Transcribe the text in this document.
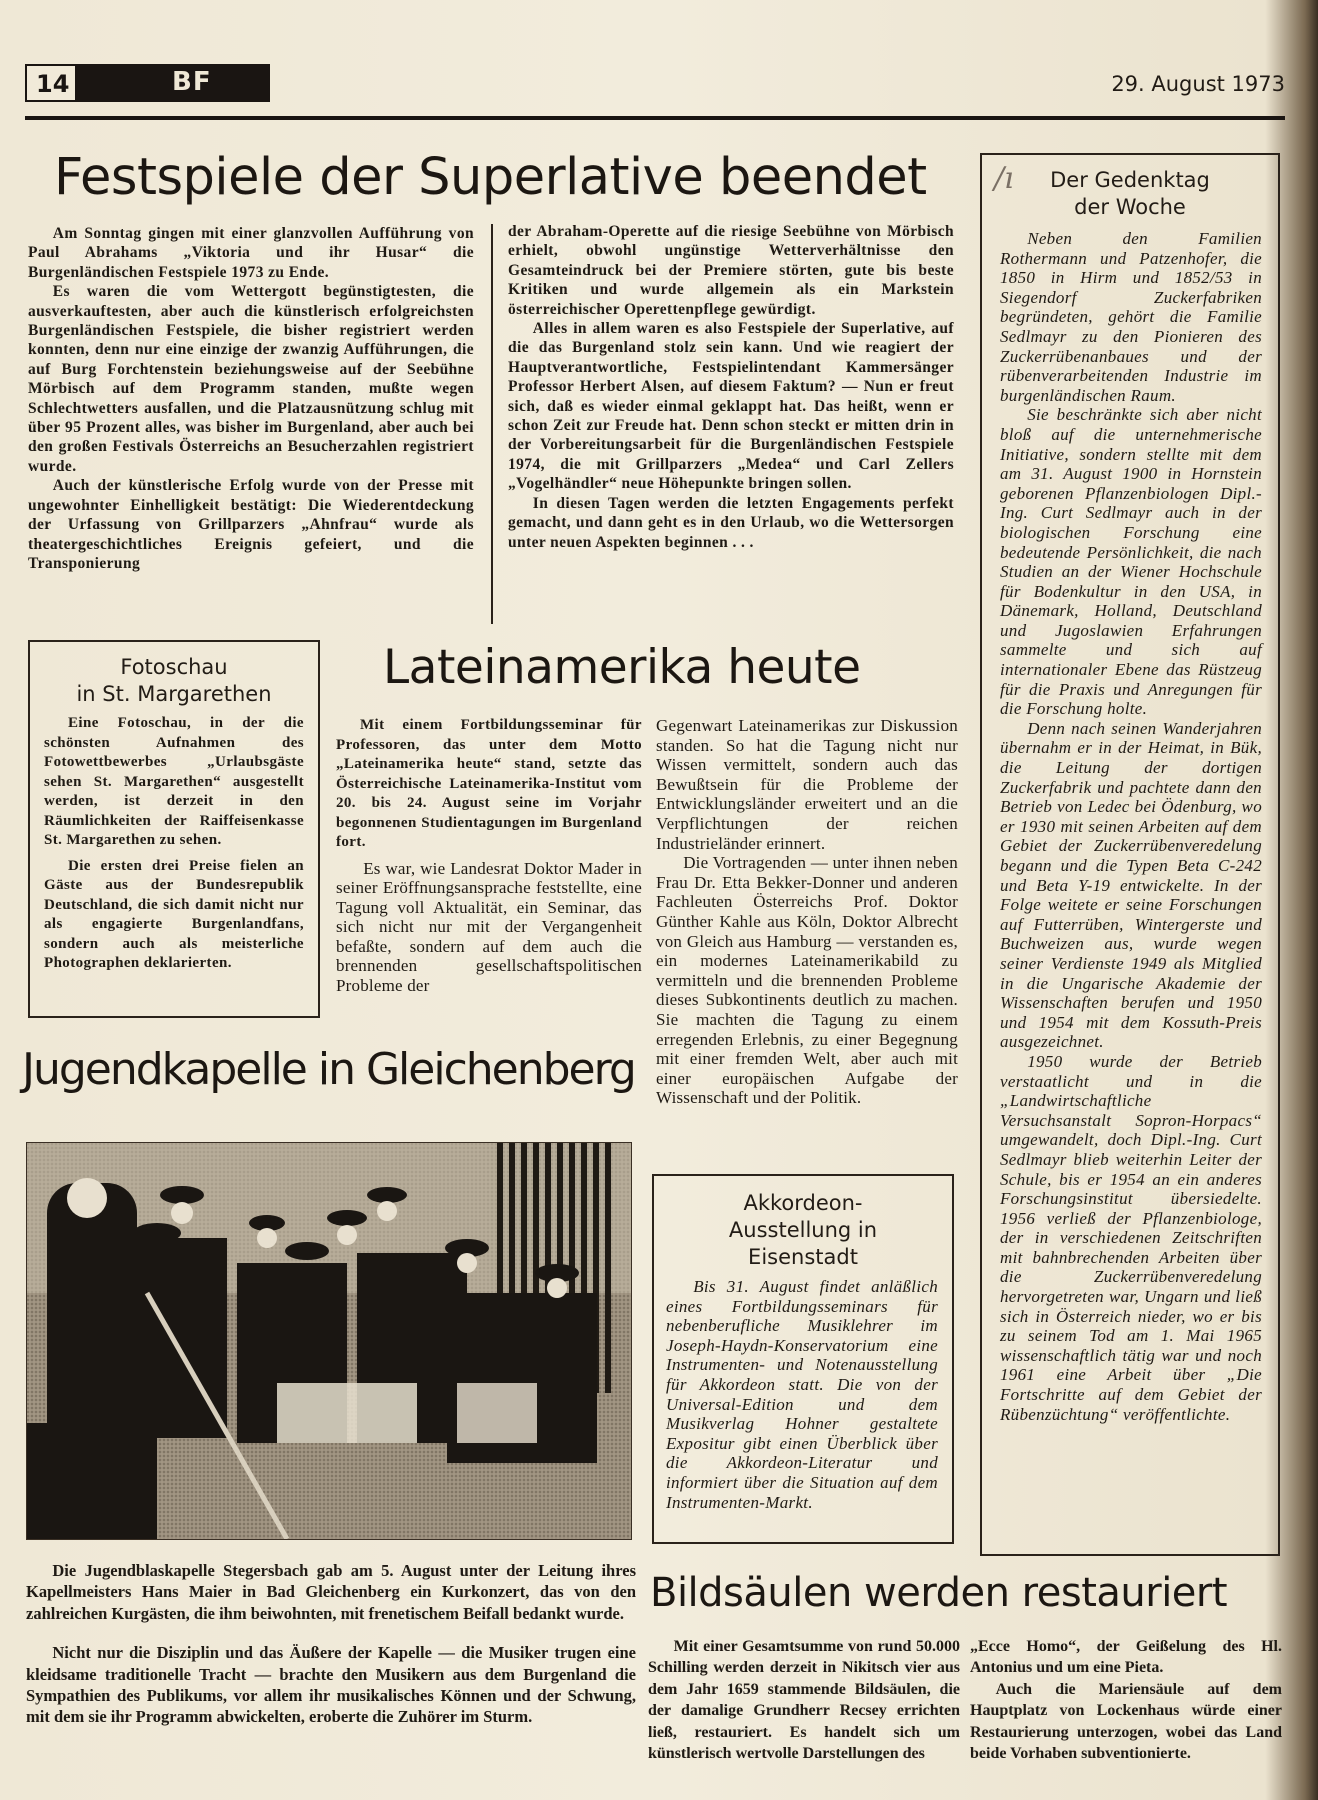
14	BF	29. August 1973
Festspiele der Superlative beendet

Am Sonntag gingen mit einer glanzvollen Aufführung von Paul Abrahams „Viktoria und ihr Husar“ die Burgenländischen Festspiele 1973 zu Ende.

Es waren die vom Wettergott begünstigtesten, die ausverkauftesten, aber auch die künstlerisch erfolgreichsten Burgenländischen Festspiele, die bisher registriert werden konnten, denn nur eine einzige der zwanzig Aufführungen, die auf Burg Forchtenstein beziehungsweise auf der Seebühne Mörbisch auf dem Programm standen, mußte wegen Schlechtwetters ausfallen, und die Platzausnützung schlug mit über 95 Prozent alles, was bisher im Burgenland, aber auch bei den großen Festivals Österreichs an Besucherzahlen registriert wurde.

Auch der künstlerische Erfolg wurde von der Presse mit ungewohnter Einhelligkeit bestätigt: Die Wiederentdeckung der Urfassung von Grillparzers „Ahnfrau“ wurde als theatergeschichtliches Ereignis gefeiert, und die Transponierung

der Abraham-Operette auf die riesige Seebühne von Mörbisch erhielt, obwohl ungünstige Wetterverhältnisse den Gesamteindruck bei der Premiere störten, gute bis beste Kritiken und wurde allgemein als ein Markstein österreichischer Operettenpflege gewürdigt.

Alles in allem waren es also Festspiele der Superlative, auf die das Burgenland stolz sein kann. Und wie reagiert der Hauptverantwortliche, Festspielintendant Kammersänger Professor Herbert Alsen, auf diesem Faktum? — Nun er freut sich, daß es wieder einmal geklappt hat. Das heißt, wenn er schon Zeit zur Freude hat. Denn schon steckt er mitten drin in der Vorbereitungsarbeit für die Burgenländischen Festspiele 1974, die mit Grillparzers „Medea“ und Carl Zellers „Vogelhändler“ neue Höhepunkte bringen sollen.

In diesen Tagen werden die letzten Engagements perfekt gemacht, und dann geht es in den Urlaub, wo die Wettersorgen unter neuen Aspekten beginnen . . .

/ı	Der Gedenktag
der Woche

Neben den Familien Rothermann und Patzenhofer, die 1850 in Hirm und 1852/53 in Siegendorf Zuckerfabriken begründeten, gehört die Familie Sedlmayr zu den Pionieren des Zuckerrübenanbaues und der rübenverarbeitenden Industrie im burgenländischen Raum.

Sie beschränkte sich aber nicht bloß auf die unternehmerische Initiative, sondern stellte mit dem am 31. August 1900 in Hornstein geborenen Pflanzenbiologen Dipl.-Ing. Curt Sedlmayr auch in der biologischen Forschung eine bedeutende Persönlichkeit, die nach Studien an der Wiener Hochschule für Bodenkultur in den USA, in Dänemark, Holland, Deutschland und Jugoslawien Erfahrungen sammelte und sich auf internationaler Ebene das Rüstzeug für die Praxis und Anregungen für die Forschung holte.

Denn nach seinen Wanderjahren übernahm er in der Heimat, in Bük, die Leitung der dortigen Zuckerfabrik und pachtete dann den Betrieb von Ledec bei Ödenburg, wo er 1930 mit seinen Arbeiten auf dem Gebiet der Zuckerrübenveredelung begann und die Typen Beta C-242 und Beta Y-19 entwickelte. In der Folge weitete er seine Forschungen auf Futterrüben, Wintergerste und Buchweizen aus, wurde wegen seiner Verdienste 1949 als Mitglied in die Ungarische Akademie der Wissenschaften berufen und 1950 und 1954 mit dem Kossuth-Preis ausgezeichnet.

1950 wurde der Betrieb verstaatlicht und in die „Landwirtschaftliche Versuchsanstalt Sopron-Horpacs“ umgewandelt, doch Dipl.-Ing. Curt Sedlmayr blieb weiterhin Leiter der Schule, bis er 1954 an ein anderes Forschungsinstitut übersiedelte. 1956 verließ der Pflanzenbiologe, der in verschiedenen Zeitschriften mit bahnbrechenden Arbeiten über die Zuckerrübenveredelung hervorgetreten war, Ungarn und ließ sich in Österreich nieder, wo er bis zu seinem Tod am 1. Mai 1965 wissenschaftlich tätig war und noch 1961 eine Arbeit über „Die Fortschritte auf dem Gebiet der Rübenzüchtung“ veröffentlichte.

Fotoschau
in St. Margarethen

Eine Fotoschau, in der die schönsten Aufnahmen des Fotowettbewerbes „Urlaubsgäste sehen St. Margarethen“ ausgestellt werden, ist derzeit in den Räumlichkeiten der Raiffeisenkasse St. Margarethen zu sehen.

Die ersten drei Preise fielen an Gäste aus der Bundesrepublik Deutschland, die sich damit nicht nur als engagierte Burgenlandfans, sondern auch als meisterliche Photographen deklarierten.

Lateinamerika heute

Mit einem Fortbildungsseminar für Professoren, das unter dem Motto „Lateinamerika heute“ stand, setzte das Österreichische Lateinamerika-Institut vom 20. bis 24. August seine im Vorjahr begonnenen Studientagungen im Burgenland fort.

Es war, wie Landesrat Doktor Mader in seiner Eröffnungsansprache feststellte, eine Tagung voll Aktualität, ein Seminar, das sich nicht nur mit der Vergangenheit befaßte, sondern auf dem auch die brennenden gesellschaftspolitischen Probleme der

Gegenwart Lateinamerikas zur Diskussion standen. So hat die Tagung nicht nur Wissen vermittelt, sondern auch das Bewußtsein für die Probleme der Entwicklungsländer erweitert und an die Verpflichtungen der reichen Industrieländer erinnert.

Die Vortragenden — unter ihnen neben Frau Dr. Etta Bekker-Donner und anderen Fachleuten Österreichs Prof. Doktor Günther Kahle aus Köln, Doktor Albrecht von Gleich aus Hamburg — verstanden es, ein modernes Lateinamerikabild zu vermitteln und die brennenden Probleme dieses Subkontinents deutlich zu machen. Sie machten die Tagung zu einem erregenden Erlebnis, zu einer Begegnung mit einer fremden Welt, aber auch mit einer europäischen Aufgabe der Wissenschaft und der Politik.

Akkordeon-
Ausstellung in
Eisenstadt

Bis 31. August findet anläßlich eines Fortbildungsseminars für nebenberufliche Musiklehrer im Joseph-Haydn-Konservatorium eine Instrumenten- und Notenausstellung für Akkordeon statt. Die von der Universal-Edition und dem Musikverlag Hohner gestaltete Expositur gibt einen Überblick über die Akkordeon-Literatur und informiert über die Situation auf dem Instrumenten-Markt.

Jugendkapelle in Gleichenberg

Die Jugendblaskapelle Stegersbach gab am 5. August unter der Leitung ihres Kapellmeisters Hans Maier in Bad Gleichenberg ein Kurkonzert, das von den zahlreichen Kurgästen, die ihm beiwohnten, mit frenetischem Beifall bedankt wurde.

Nicht nur die Disziplin und das Äußere der Kapelle — die Musiker trugen eine kleidsame traditionelle Tracht — brachte den Musikern aus dem Burgenland die Sympathien des Publikums, vor allem ihr musikalisches Können und der Schwung, mit dem sie ihr Programm abwickelten, eroberte die Zuhörer im Sturm.

Bildsäulen werden restauriert

Mit einer Gesamtsumme von rund 50.000 Schilling werden derzeit in Nikitsch vier aus dem Jahr 1659 stammende Bildsäulen, die der damalige Grundherr Recsey errichten ließ, restauriert. Es handelt sich um künstlerisch wertvolle Darstellungen des

„Ecce Homo“, der Geißelung des Hl. Antonius und um eine Pieta.

Auch die Mariensäule auf dem Hauptplatz von Lockenhaus würde einer Restaurierung unterzogen, wobei das Land beide Vorhaben subventionierte.
